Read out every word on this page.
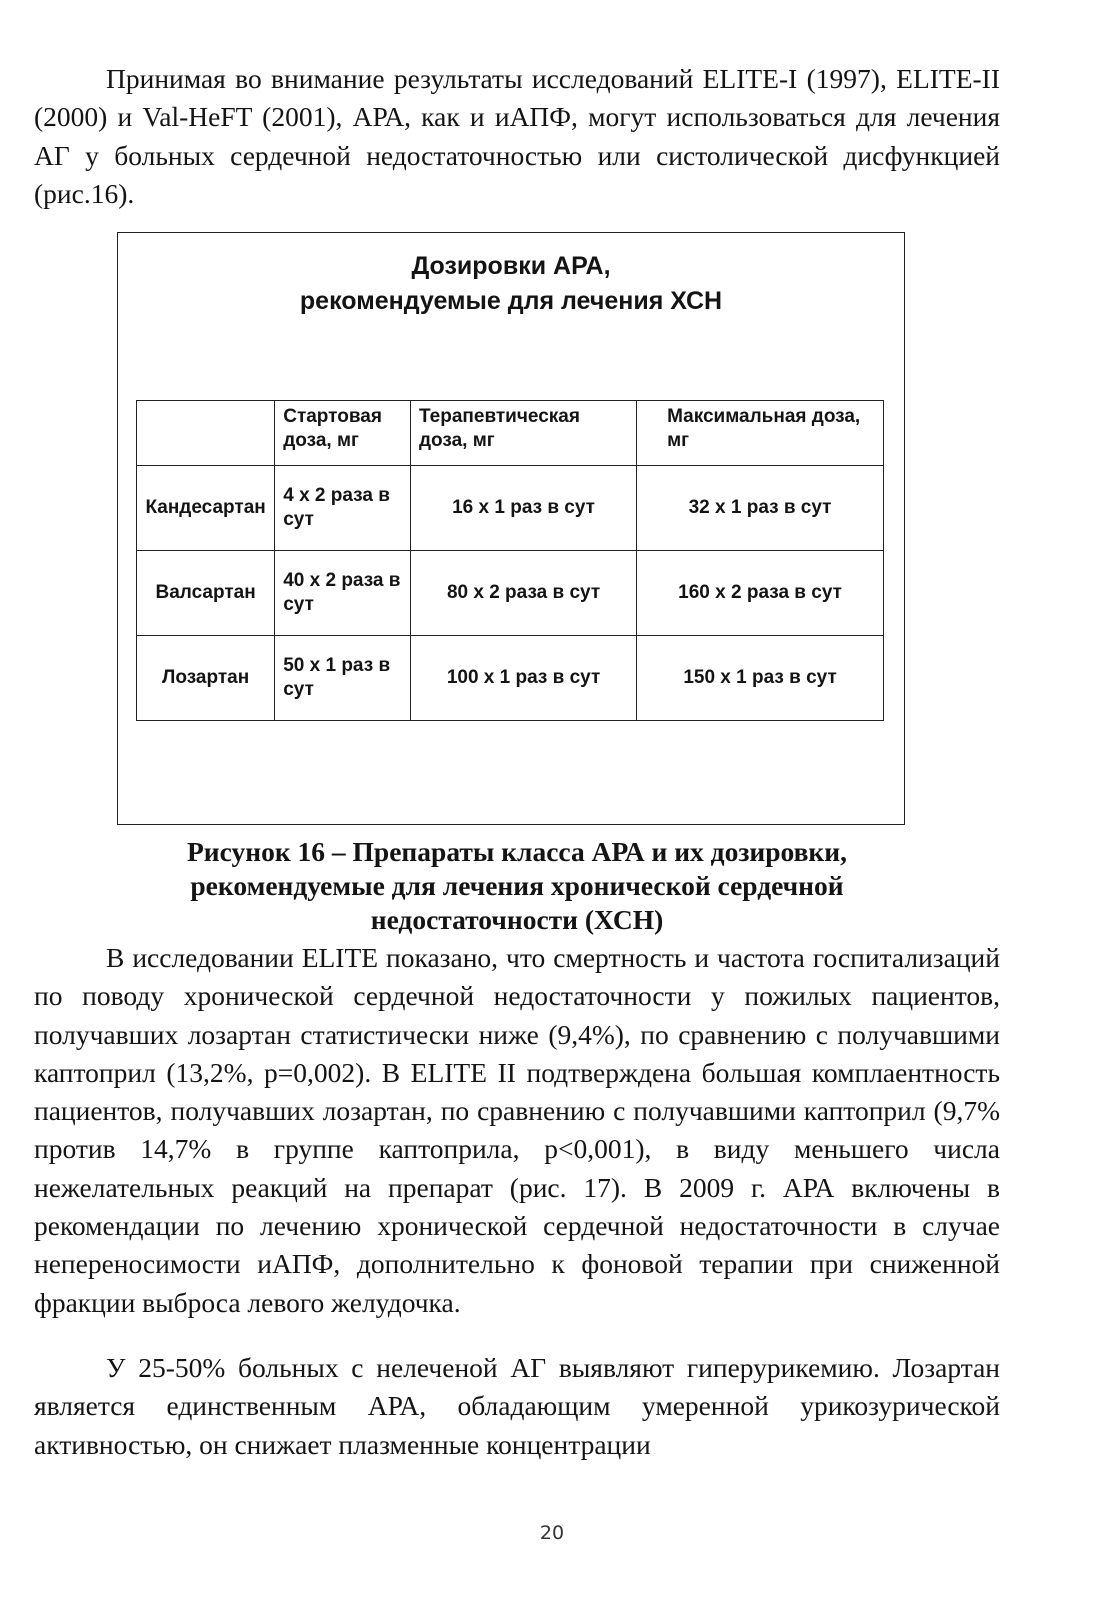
Принимая во внимание результаты исследований ELITE-I (1997), ELITE-II (2000) и Val-HeFT (2001), АРА, как и иАПФ, могут использоваться для лечения АГ у больных сердечной недостаточностью или систолической дисфункцией (рис.16).

Дозировки АРА,
рекомендуемые для лечения ХСН
	Стартовая доза, мг	Терапевтическая доза, мг	Максимальная доза, мг
Кандесартан	4 х 2 раза в сут	16 х 1 раз в сут	32 х 1 раз в сут
Валсартан	40 х 2 раза в сут	80 х 2 раза в сут	160 х 2 раза в сут
Лозартан	50 х 1 раз в сут	100 х 1 раз в сут	150 х 1 раз в сут
Рисунок 16 – Препараты класса АРА и их дозировки,
рекомендуемые для лечения хронической сердечной
недостаточности (ХСН)

В исследовании ELITE показано, что смертность и частота госпитализаций по поводу хронической сердечной недостаточности у пожилых пациентов, получавших лозартан статистически ниже (9,4%), по сравнению с получавшими каптоприл (13,2%, p=0,002). В ELITE II подтверждена большая комплаентность пациентов, получавших лозартан, по сравнению с получавшими каптоприл (9,7% против 14,7% в группе каптоприла, p<0,001), в виду меньшего числа нежелательных реакций на препарат (рис. 17). В 2009 г. АРА включены в рекомендации по лечению хронической сердечной недостаточности в случае непереносимости иАПФ, дополнительно к фоновой терапии при сниженной фракции выброса левого желудочка.

У 25-50% больных с нелеченой АГ выявляют гиперурикемию. Лозартан является единственным АРА, обладающим умеренной урикозурической активностью, он снижает плазменные концентрации

20
